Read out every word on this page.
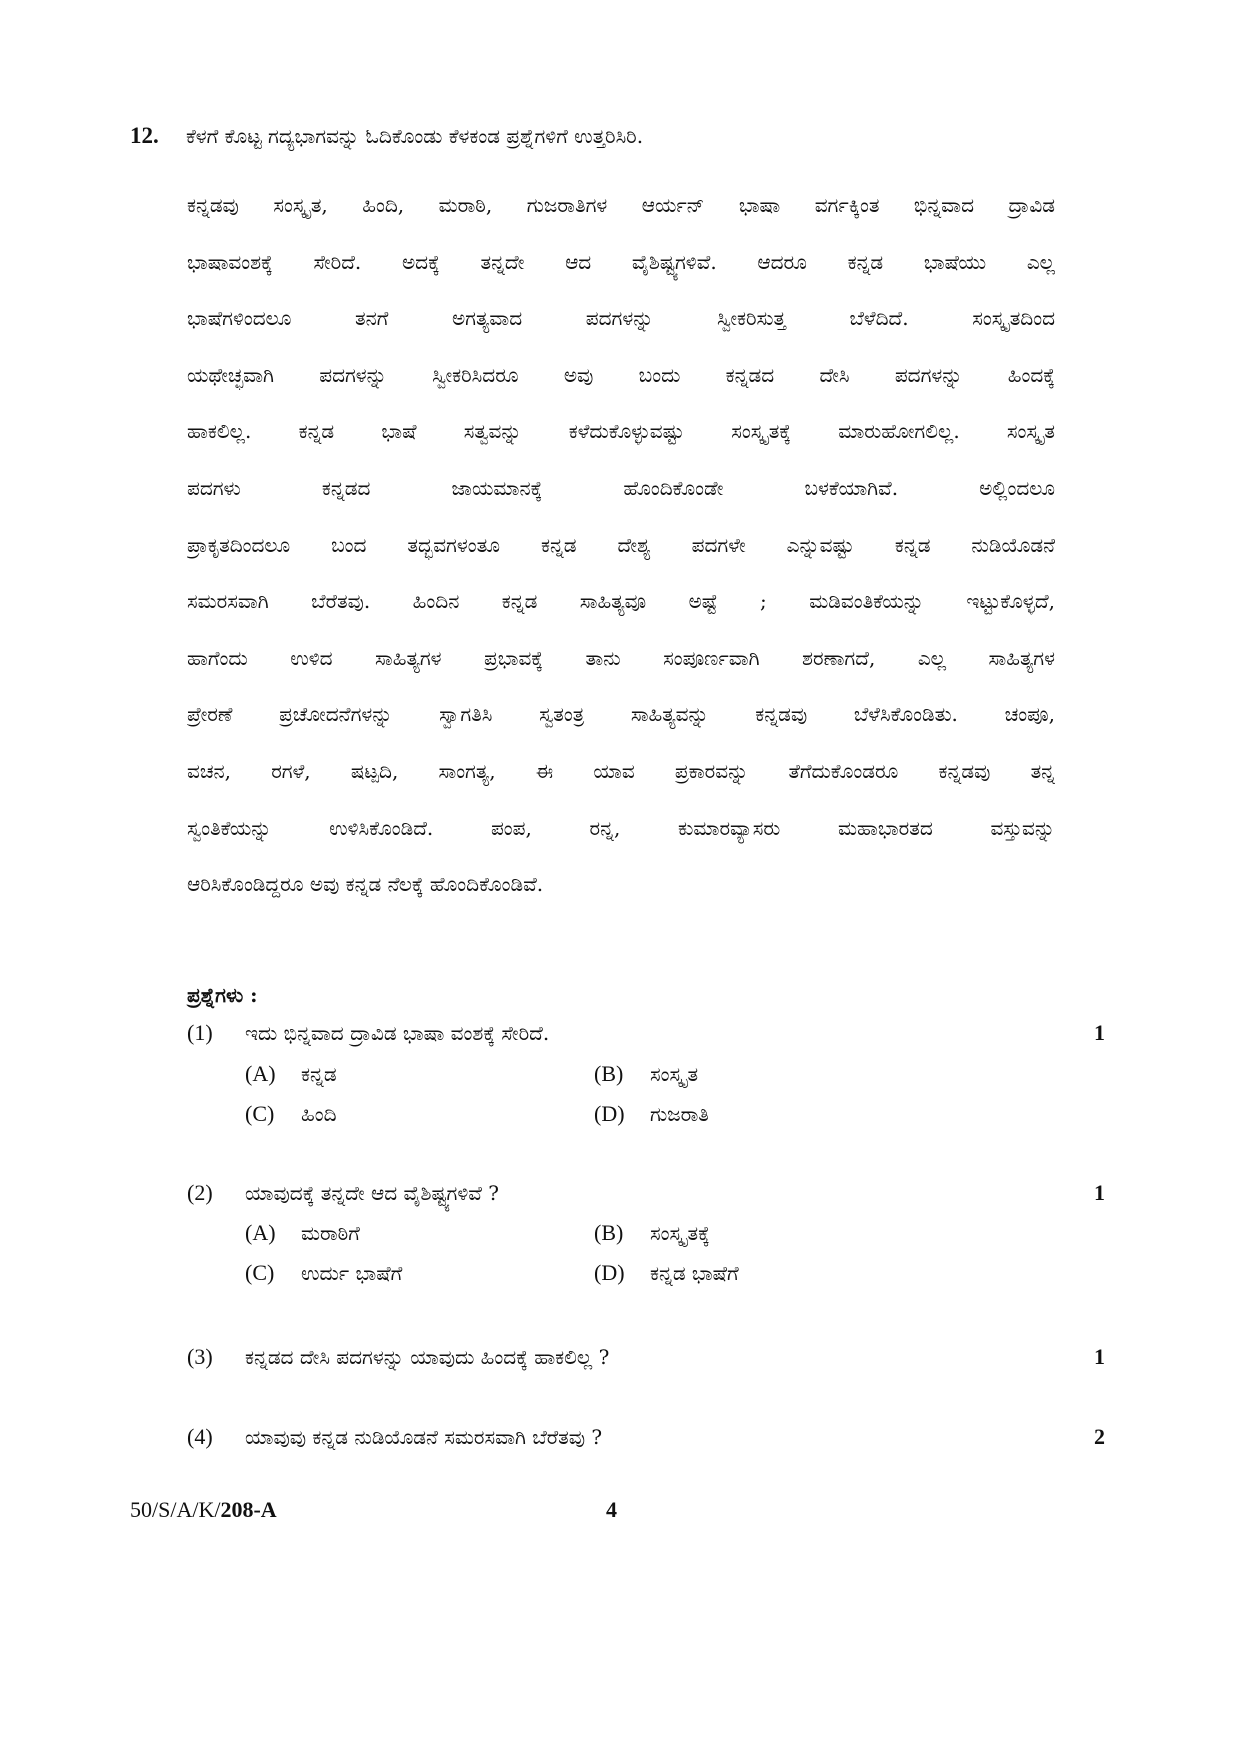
12. ಕೆಳಗೆ ಕೊಟ್ಟ ಗದ್ಯಭಾಗವನ್ನು ಓದಿಕೊಂಡು ಕೆಳಕಂಡ ಪ್ರಶ್ನೆಗಳಿಗೆ ಉತ್ತರಿಸಿರಿ.
ಕನ್ನಡವು ಸಂಸ್ಕೃತ, ಹಿಂದಿ, ಮರಾಠಿ, ಗುಜರಾತಿಗಳ ಆರ್ಯನ್ ಭಾಷಾ ವರ್ಗಕ್ಕಿಂತ ಭಿನ್ನವಾದ ದ್ರಾವಿಡ
ಭಾಷಾವಂಶಕ್ಕೆ ಸೇರಿದೆ. ಅದಕ್ಕೆ ತನ್ನದೇ ಆದ ವೈಶಿಷ್ಟ್ಯಗಳಿವೆ. ಆದರೂ ಕನ್ನಡ ಭಾಷೆಯು ಎಲ್ಲ
ಭಾಷೆಗಳಿಂದಲೂ ತನಗೆ ಅಗತ್ಯವಾದ ಪದಗಳನ್ನು ಸ್ವೀಕರಿಸುತ್ತ ಬೆಳೆದಿದೆ. ಸಂಸ್ಕೃತದಿಂದ
ಯಥೇಚ್ಛವಾಗಿ ಪದಗಳನ್ನು ಸ್ವೀಕರಿಸಿದರೂ ಅವು ಬಂದು ಕನ್ನಡದ ದೇಸಿ ಪದಗಳನ್ನು ಹಿಂದಕ್ಕೆ
ಹಾಕಲಿಲ್ಲ. ಕನ್ನಡ ಭಾಷೆ ಸತ್ವವನ್ನು ಕಳೆದುಕೊಳ್ಳುವಷ್ಟು ಸಂಸ್ಕೃತಕ್ಕೆ ಮಾರುಹೋಗಲಿಲ್ಲ. ಸಂಸ್ಕೃತ
ಪದಗಳು ಕನ್ನಡದ ಜಾಯಮಾನಕ್ಕೆ ಹೊಂದಿಕೊಂಡೇ ಬಳಕೆಯಾಗಿವೆ. ಅಲ್ಲಿಂದಲೂ
ಪ್ರಾಕೃತದಿಂದಲೂ ಬಂದ ತದ್ಭವಗಳಂತೂ ಕನ್ನಡ ದೇಶ್ಯ ಪದಗಳೇ ಎನ್ನುವಷ್ಟು ಕನ್ನಡ ನುಡಿಯೊಡನೆ
ಸಮರಸವಾಗಿ ಬೆರೆತವು. ಹಿಂದಿನ ಕನ್ನಡ ಸಾಹಿತ್ಯವೂ ಅಷ್ಟೆ ; ಮಡಿವಂತಿಕೆಯನ್ನು ಇಟ್ಟುಕೊಳ್ಳದೆ,
ಹಾಗೆಂದು ಉಳಿದ ಸಾಹಿತ್ಯಗಳ ಪ್ರಭಾವಕ್ಕೆ ತಾನು ಸಂಪೂರ್ಣವಾಗಿ ಶರಣಾಗದೆ, ಎಲ್ಲ ಸಾಹಿತ್ಯಗಳ
ಪ್ರೇರಣೆ ಪ್ರಚೋದನೆಗಳನ್ನು ಸ್ವಾಗತಿಸಿ ಸ್ವತಂತ್ರ ಸಾಹಿತ್ಯವನ್ನು ಕನ್ನಡವು ಬೆಳೆಸಿಕೊಂಡಿತು. ಚಂಪೂ,
ವಚನ, ರಗಳೆ, ಷಟ್ಪದಿ, ಸಾಂಗತ್ಯ, ಈ ಯಾವ ಪ್ರಕಾರವನ್ನು ತೆಗೆದುಕೊಂಡರೂ ಕನ್ನಡವು ತನ್ನ
ಸ್ವಂತಿಕೆಯನ್ನು ಉಳಿಸಿಕೊಂಡಿದೆ. ಪಂಪ, ರನ್ನ, ಕುಮಾರವ್ಯಾಸರು ಮಹಾಭಾರತದ ವಸ್ತುವನ್ನು
ಆರಿಸಿಕೊಂಡಿದ್ದರೂ ಅವು ಕನ್ನಡ ನೆಲಕ್ಕೆ ಹೊಂದಿಕೊಂಡಿವೆ.
ಪ್ರಶ್ನೆಗಳು :
(1) ಇದು ಭಿನ್ನವಾದ ದ್ರಾವಿಡ ಭಾಷಾ ವಂಶಕ್ಕೆ ಸೇರಿದೆ.	1
(A) ಕನ್ನಡ	(B) ಸಂಸ್ಕೃತ
(C) ಹಿಂದಿ	(D) ಗುಜರಾತಿ
(2) ಯಾವುದಕ್ಕೆ ತನ್ನದೇ ಆದ ವೈಶಿಷ್ಟ್ಯಗಳಿವೆ ?	1
(A) ಮರಾಠಿಗೆ	(B) ಸಂಸ್ಕೃತಕ್ಕೆ
(C) ಉರ್ದು ಭಾಷೆಗೆ	(D) ಕನ್ನಡ ಭಾಷೆಗೆ
(3) ಕನ್ನಡದ ದೇಸಿ ಪದಗಳನ್ನು ಯಾವುದು ಹಿಂದಕ್ಕೆ ಹಾಕಲಿಲ್ಲ ?	1
(4) ಯಾವುವು ಕನ್ನಡ ನುಡಿಯೊಡನೆ ಸಮರಸವಾಗಿ ಬೆರೆತವು ?	2
50/S/A/K/208-A	4
